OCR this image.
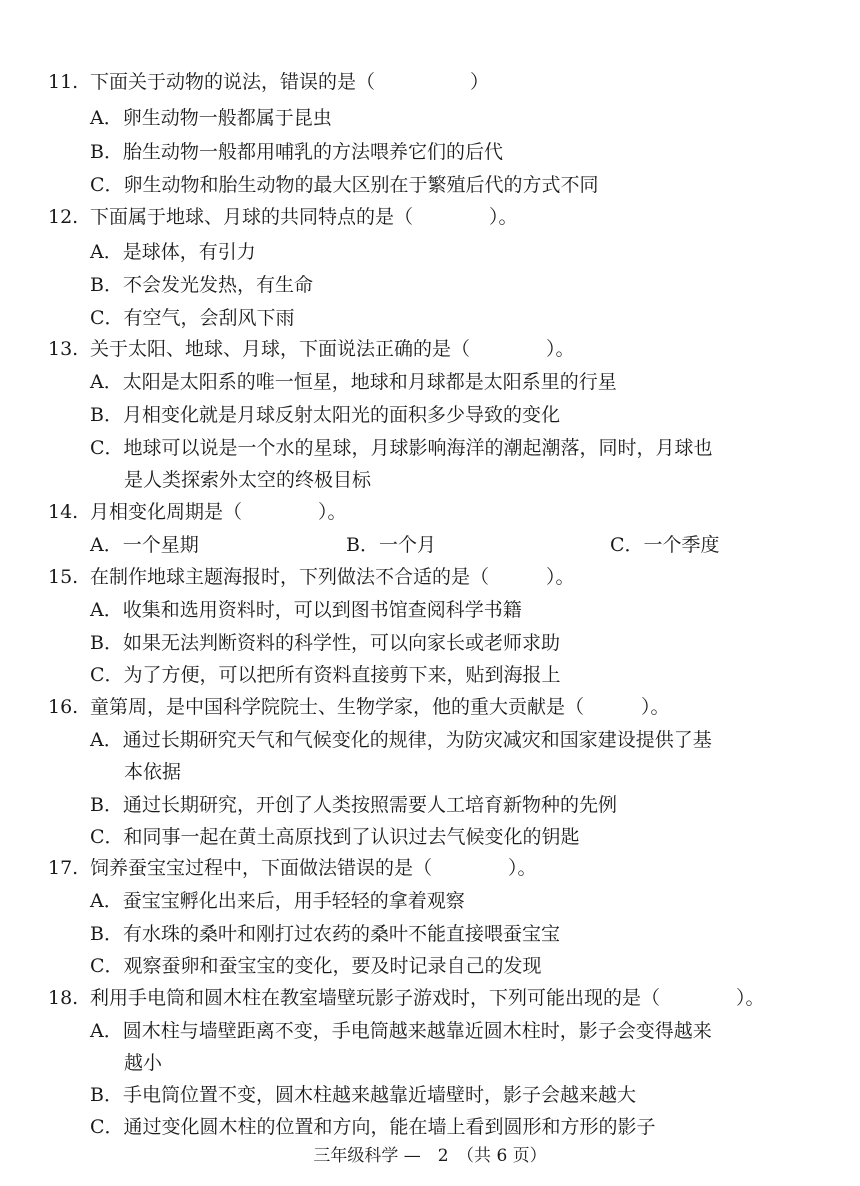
11. 下面关于动物的说法，错误的是（　　　　　）
A．卵生动物一般都属于昆虫
B．胎生动物一般都用哺乳的方法喂养它们的后代
C．卵生动物和胎生动物的最大区别在于繁殖后代的方式不同
12. 下面属于地球、月球的共同特点的是（　　　　）。
A．是球体，有引力
B．不会发光发热，有生命
C．有空气，会刮风下雨
13. 关于太阳、地球、月球，下面说法正确的是（　　　　）。
A．太阳是太阳系的唯一恒星，地球和月球都是太阳系里的行星
B．月相变化就是月球反射太阳光的面积多少导致的变化
C．地球可以说是一个水的星球，月球影响海洋的潮起潮落，同时，月球也
是人类探索外太空的终极目标
14. 月相变化周期是（　　　　）。
A．一个星期	B．一个月	C．一个季度
15. 在制作地球主题海报时，下列做法不合适的是（　　　）。
A．收集和选用资料时，可以到图书馆查阅科学书籍
B．如果无法判断资料的科学性，可以向家长或老师求助
C．为了方便，可以把所有资料直接剪下来，贴到海报上
16. 童第周，是中国科学院院士、生物学家，他的重大贡献是（　　　）。
A．通过长期研究天气和气候变化的规律，为防灾减灾和国家建设提供了基
本依据
B．通过长期研究，开创了人类按照需要人工培育新物种的先例
C．和同事一起在黄土高原找到了认识过去气候变化的钥匙
17. 饲养蚕宝宝过程中，下面做法错误的是（　　　　）。
A．蚕宝宝孵化出来后，用手轻轻的拿着观察
B．有水珠的桑叶和刚打过农药的桑叶不能直接喂蚕宝宝
C．观察蚕卵和蚕宝宝的变化，要及时记录自己的发现
18. 利用手电筒和圆木柱在教室墙壁玩影子游戏时，下列可能出现的是（　　　　）。
A．圆木柱与墙壁距离不变，手电筒越来越靠近圆木柱时，影子会变得越来
越小
B．手电筒位置不变，圆木柱越来越靠近墙壁时，影子会越来越大
C．通过变化圆木柱的位置和方向，能在墙上看到圆形和方形的影子
三年级科学 —　2　（共 6 页）
